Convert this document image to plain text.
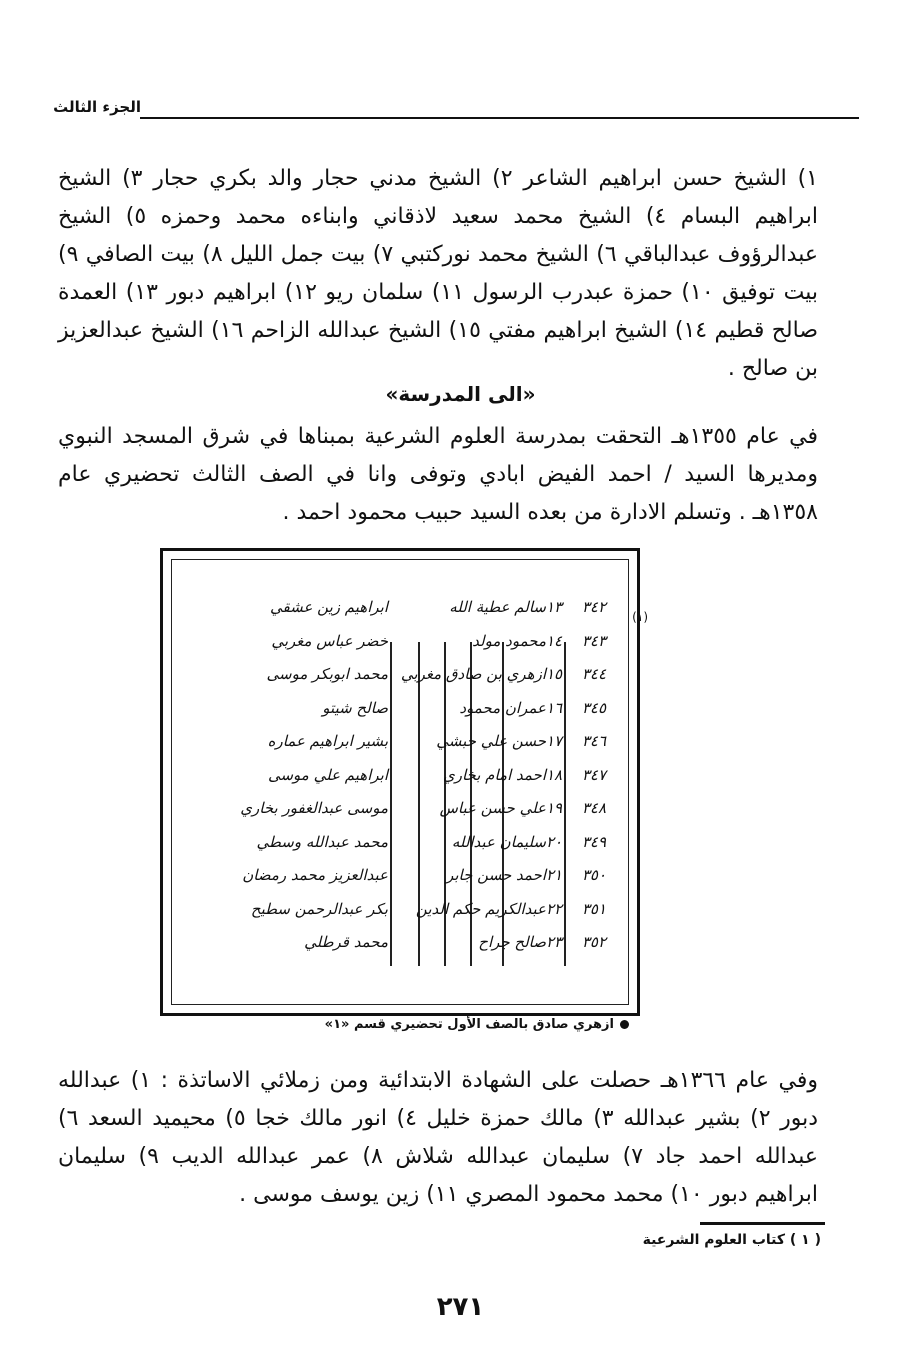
الجزء الثالث
١) الشيخ حسن ابراهيم الشاعر ٢) الشيخ مدني حجار والد بكري حجار ٣) الشيخ ابراهيم البسام ٤) الشيخ محمد سعيد لاذقاني وابناءه محمد وحمزه ٥) الشيخ عبدالرؤوف عبدالباقي ٦) الشيخ محمد نوركتبي ٧) بيت جمل الليل ٨) بيت الصافي ٩) بيت توفيق ١٠) حمزة عبدرب الرسول ١١) سلمان ريو ١٢) ابراهيم دبور ١٣) العمدة صالح قطيم ١٤) الشيخ ابراهيم مفتي ١٥) الشيخ عبدالله الزاحم ١٦) الشيخ عبدالعزيز بن صالح .
«الى المدرسة»
في عام ١٣٥٥هـ التحقت بمدرسة العلوم الشرعية بمبناها في شرق المسجد النبوي ومديرها السيد / احمد الفيض ابادي وتوفى وانا في الصف الثالث تحضيري عام ١٣٥٨هـ . وتسلم الادارة من بعده السيد حبيب محمود احمد .
(١)
٣٤٢
١٣
سالم عطية الله
ابراهيم زين عشقي
٣٤٣
١٤
محمود مولد
خضر عباس مغربي
٣٤٤
١٥
ازهري بن صادق مغربي
محمد ابوبكر موسى
٣٤٥
١٦
عمران محمود
صالح شيتو
٣٤٦
١٧
حسن علي حبشي
بشير ابراهيم عماره
٣٤٧
١٨
احمد امام بخاري
ابراهيم علي موسى
٣٤٨
١٩
علي حسن عباس
موسى عبدالغفور بخاري
٣٤٩
٢٠
سليمان عبدالله
محمد عبدالله وسطي
٣٥٠
٢١
احمد حسن جابر
عبدالعزيز محمد رمضان
٣٥١
٢٢
عبدالكريم حكم الدين
بكر عبدالرحمن سطيح
٣٥٢
٢٣
صالح جراح
محمد قرطلي
ازهري صادق بالصف الأول تحضيري قسم «١»
وفي عام ١٣٦٦هـ حصلت على الشهادة الابتدائية ومن زملائي الاساتذة : ١) عبدالله دبور ٢) بشير عبدالله ٣) مالك حمزة خليل ٤) انور مالك خجا ٥) محيميد السعد ٦) عبدالله احمد جاد ٧) سليمان عبدالله شلاش ٨) عمر عبدالله الديب ٩) سليمان ابراهيم دبور ١٠) محمد محمود المصري ١١) زين يوسف موسى .
( ١ ) كتاب العلوم الشرعية
٢٧١
